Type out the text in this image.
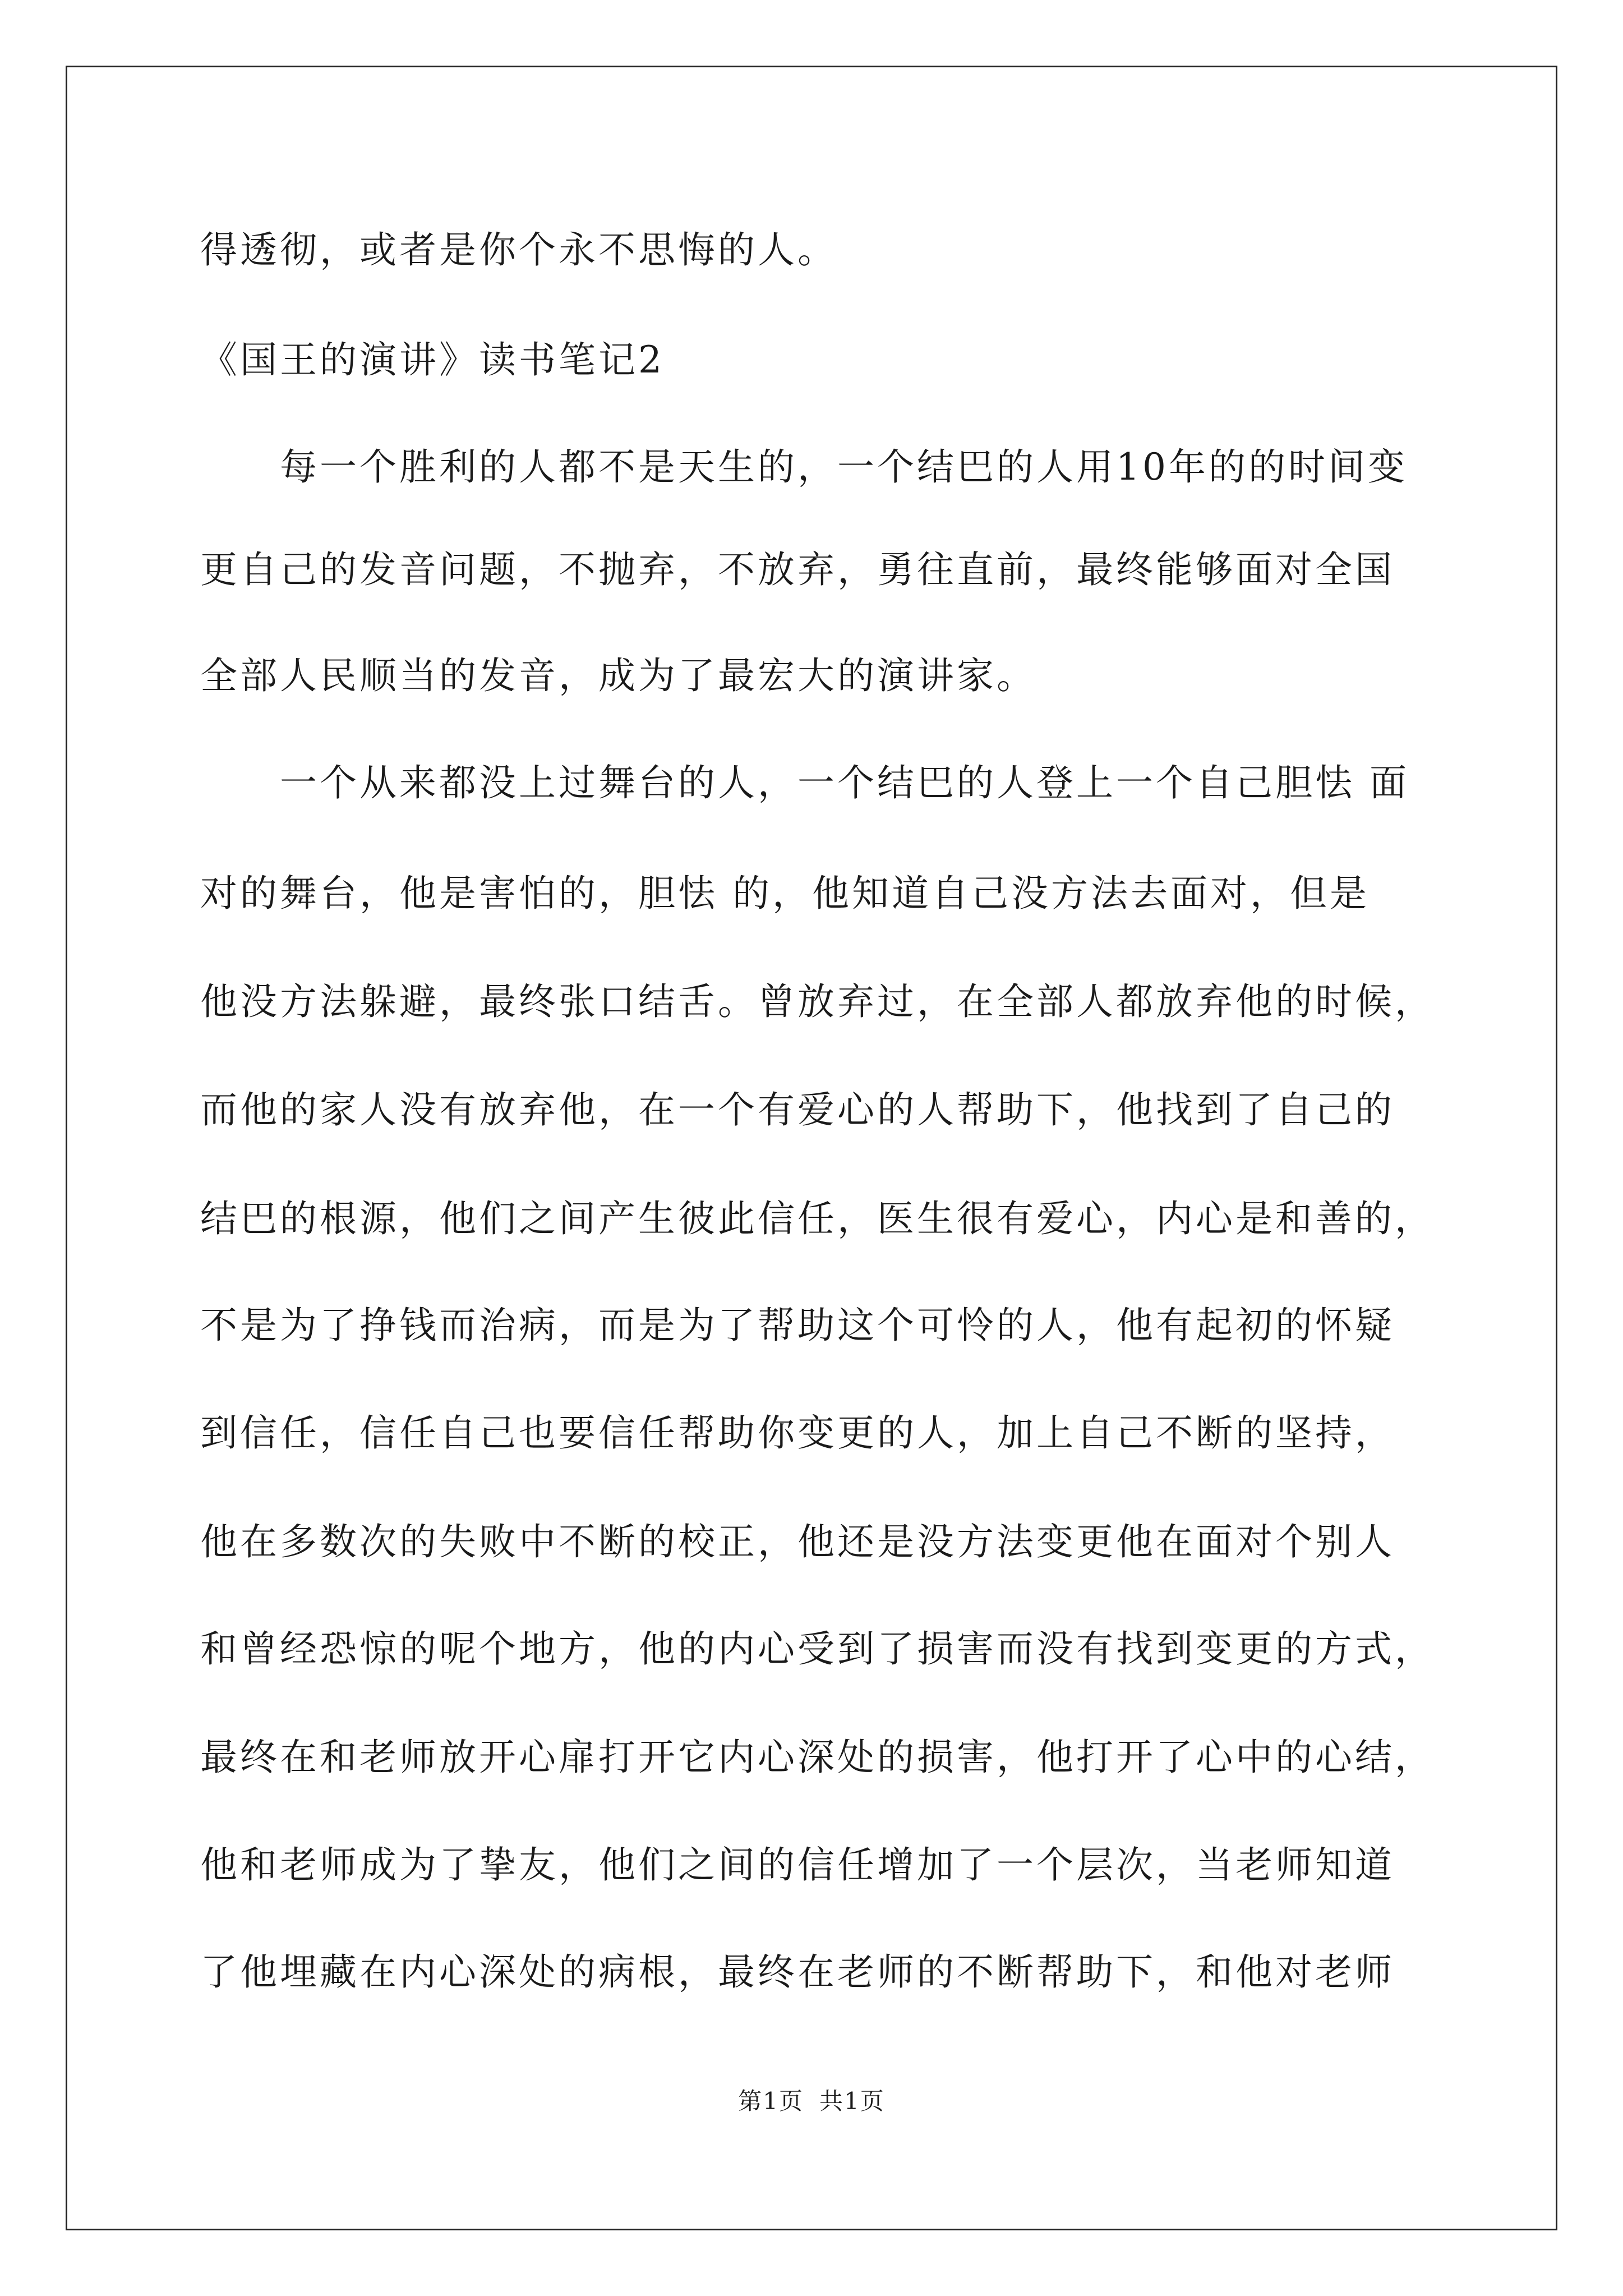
得透彻，或者是你个永不思悔的人。
《国王的演讲》读书笔记2
每一个胜利的人都不是天生的，一个结巴的人用10年的的时间变
更自己的发音问题，不抛弃，不放弃，勇往直前，最终能够面对全国
全部人民顺当的发音，成为了最宏大的演讲家。
一个从来都没上过舞台的人，一个结巴的人登上一个自己胆怯 面
对的舞台，他是害怕的，胆怯 的，他知道自己没方法去面对，但是
他没方法躲避，最终张口结舌。曾放弃过，在全部人都放弃他的时候，
而他的家人没有放弃他，在一个有爱心的人帮助下，他找到了自己的
结巴的根源，他们之间产生彼此信任，医生很有爱心，内心是和善的，
不是为了挣钱而治病，而是为了帮助这个可怜的人，他有起初的怀疑
到信任，信任自己也要信任帮助你变更的人，加上自己不断的坚持，
他在多数次的失败中不断的校正，他还是没方法变更他在面对个别人
和曾经恐惊的呢个地方，他的内心受到了损害而没有找到变更的方式，
最终在和老师放开心扉打开它内心深处的损害，他打开了心中的心结，
他和老师成为了挚友，他们之间的信任增加了一个层次，当老师知道
了他埋藏在内心深处的病根，最终在老师的不断帮助下，和他对老师
第1页 共1页
